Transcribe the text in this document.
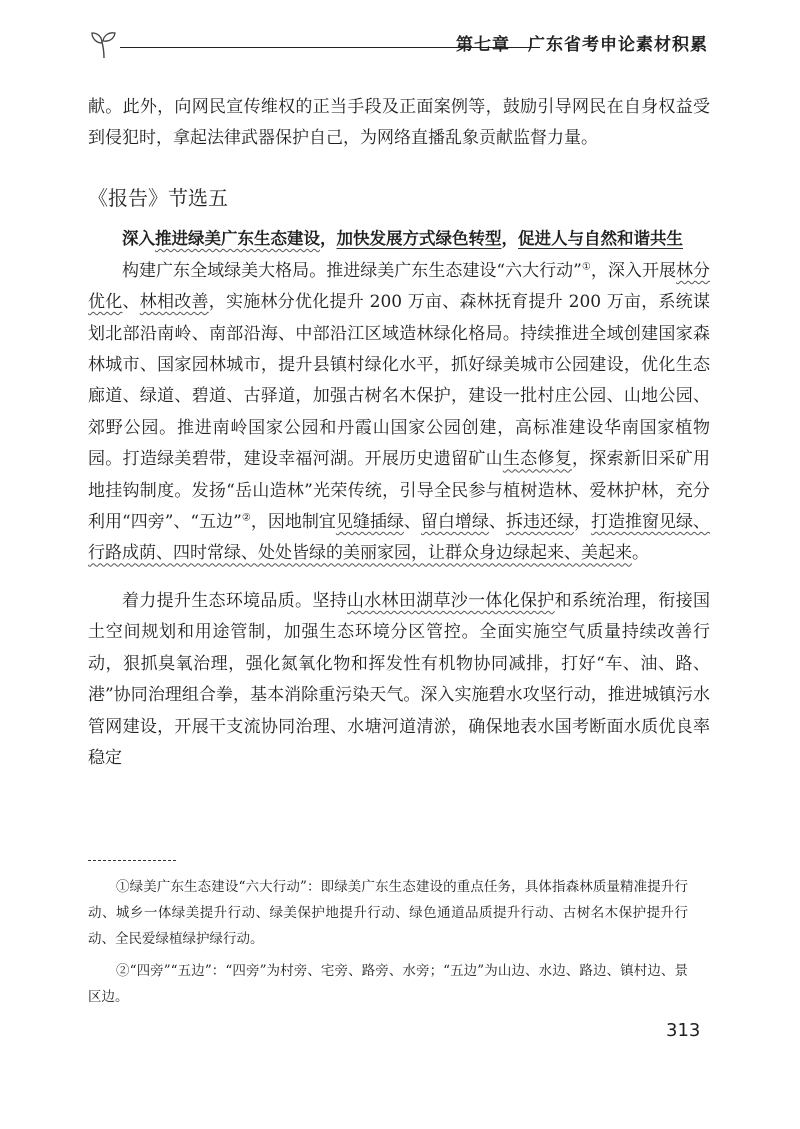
第七章 广东省考申论素材积累

献。此外，向网民宣传维权的正当手段及正面案例等，鼓励引导网民在自身权益受到侵犯时，拿起法律武器保护自己，为网络直播乱象贡献监督力量。

《报告》节选五
深入推进绿美广东生态建设，加快发展方式绿色转型，促进人与自然和谐共生

构建广东全域绿美大格局。推进绿美广东生态建设“六大行动”①，深入开展林分优化、林相改善，实施林分优化提升 200 万亩、森林抚育提升 200 万亩，系统谋划北部沿南岭、南部沿海、中部沿江区域造林绿化格局。持续推进全域创建国家森林城市、国家园林城市，提升县镇村绿化水平，抓好绿美城市公园建设，优化生态廊道、绿道、碧道、古驿道，加强古树名木保护，建设一批村庄公园、山地公园、郊野公园。推进南岭国家公园和丹霞山国家公园创建，高标准建设华南国家植物园。打造绿美碧带，建设幸福河湖。开展历史遗留矿山生态修复，探索新旧采矿用地挂钩制度。发扬“岳山造林”光荣传统，引导全民参与植树造林、爱林护林，充分利用“四旁”、“五边”②，因地制宜见缝插绿、留白增绿、拆违还绿，打造推窗见绿、行路成荫、四时常绿、处处皆绿的美丽家园，让群众身边绿起来、美起来。

着力提升生态环境品质。坚持山水林田湖草沙一体化保护和系统治理，衔接国土空间规划和用途管制，加强生态环境分区管控。全面实施空气质量持续改善行动，狠抓臭氧治理，强化氮氧化物和挥发性有机物协同减排，打好“车、油、路、港”协同治理组合拳，基本消除重污染天气。深入实施碧水攻坚行动，推进城镇污水管网建设，开展干支流协同治理、水塘河道清淤，确保地表水国考断面水质优良率稳定

①绿美广东生态建设“六大行动”：即绿美广东生态建设的重点任务，具体指森林质量精准提升行动、城乡一体绿美提升行动、绿美保护地提升行动、绿色通道品质提升行动、古树名木保护提升行动、全民爱绿植绿护绿行动。

②“四旁”“五边”：“四旁”为村旁、宅旁、路旁、水旁；“五边”为山边、水边、路边、镇村边、景区边。

313
